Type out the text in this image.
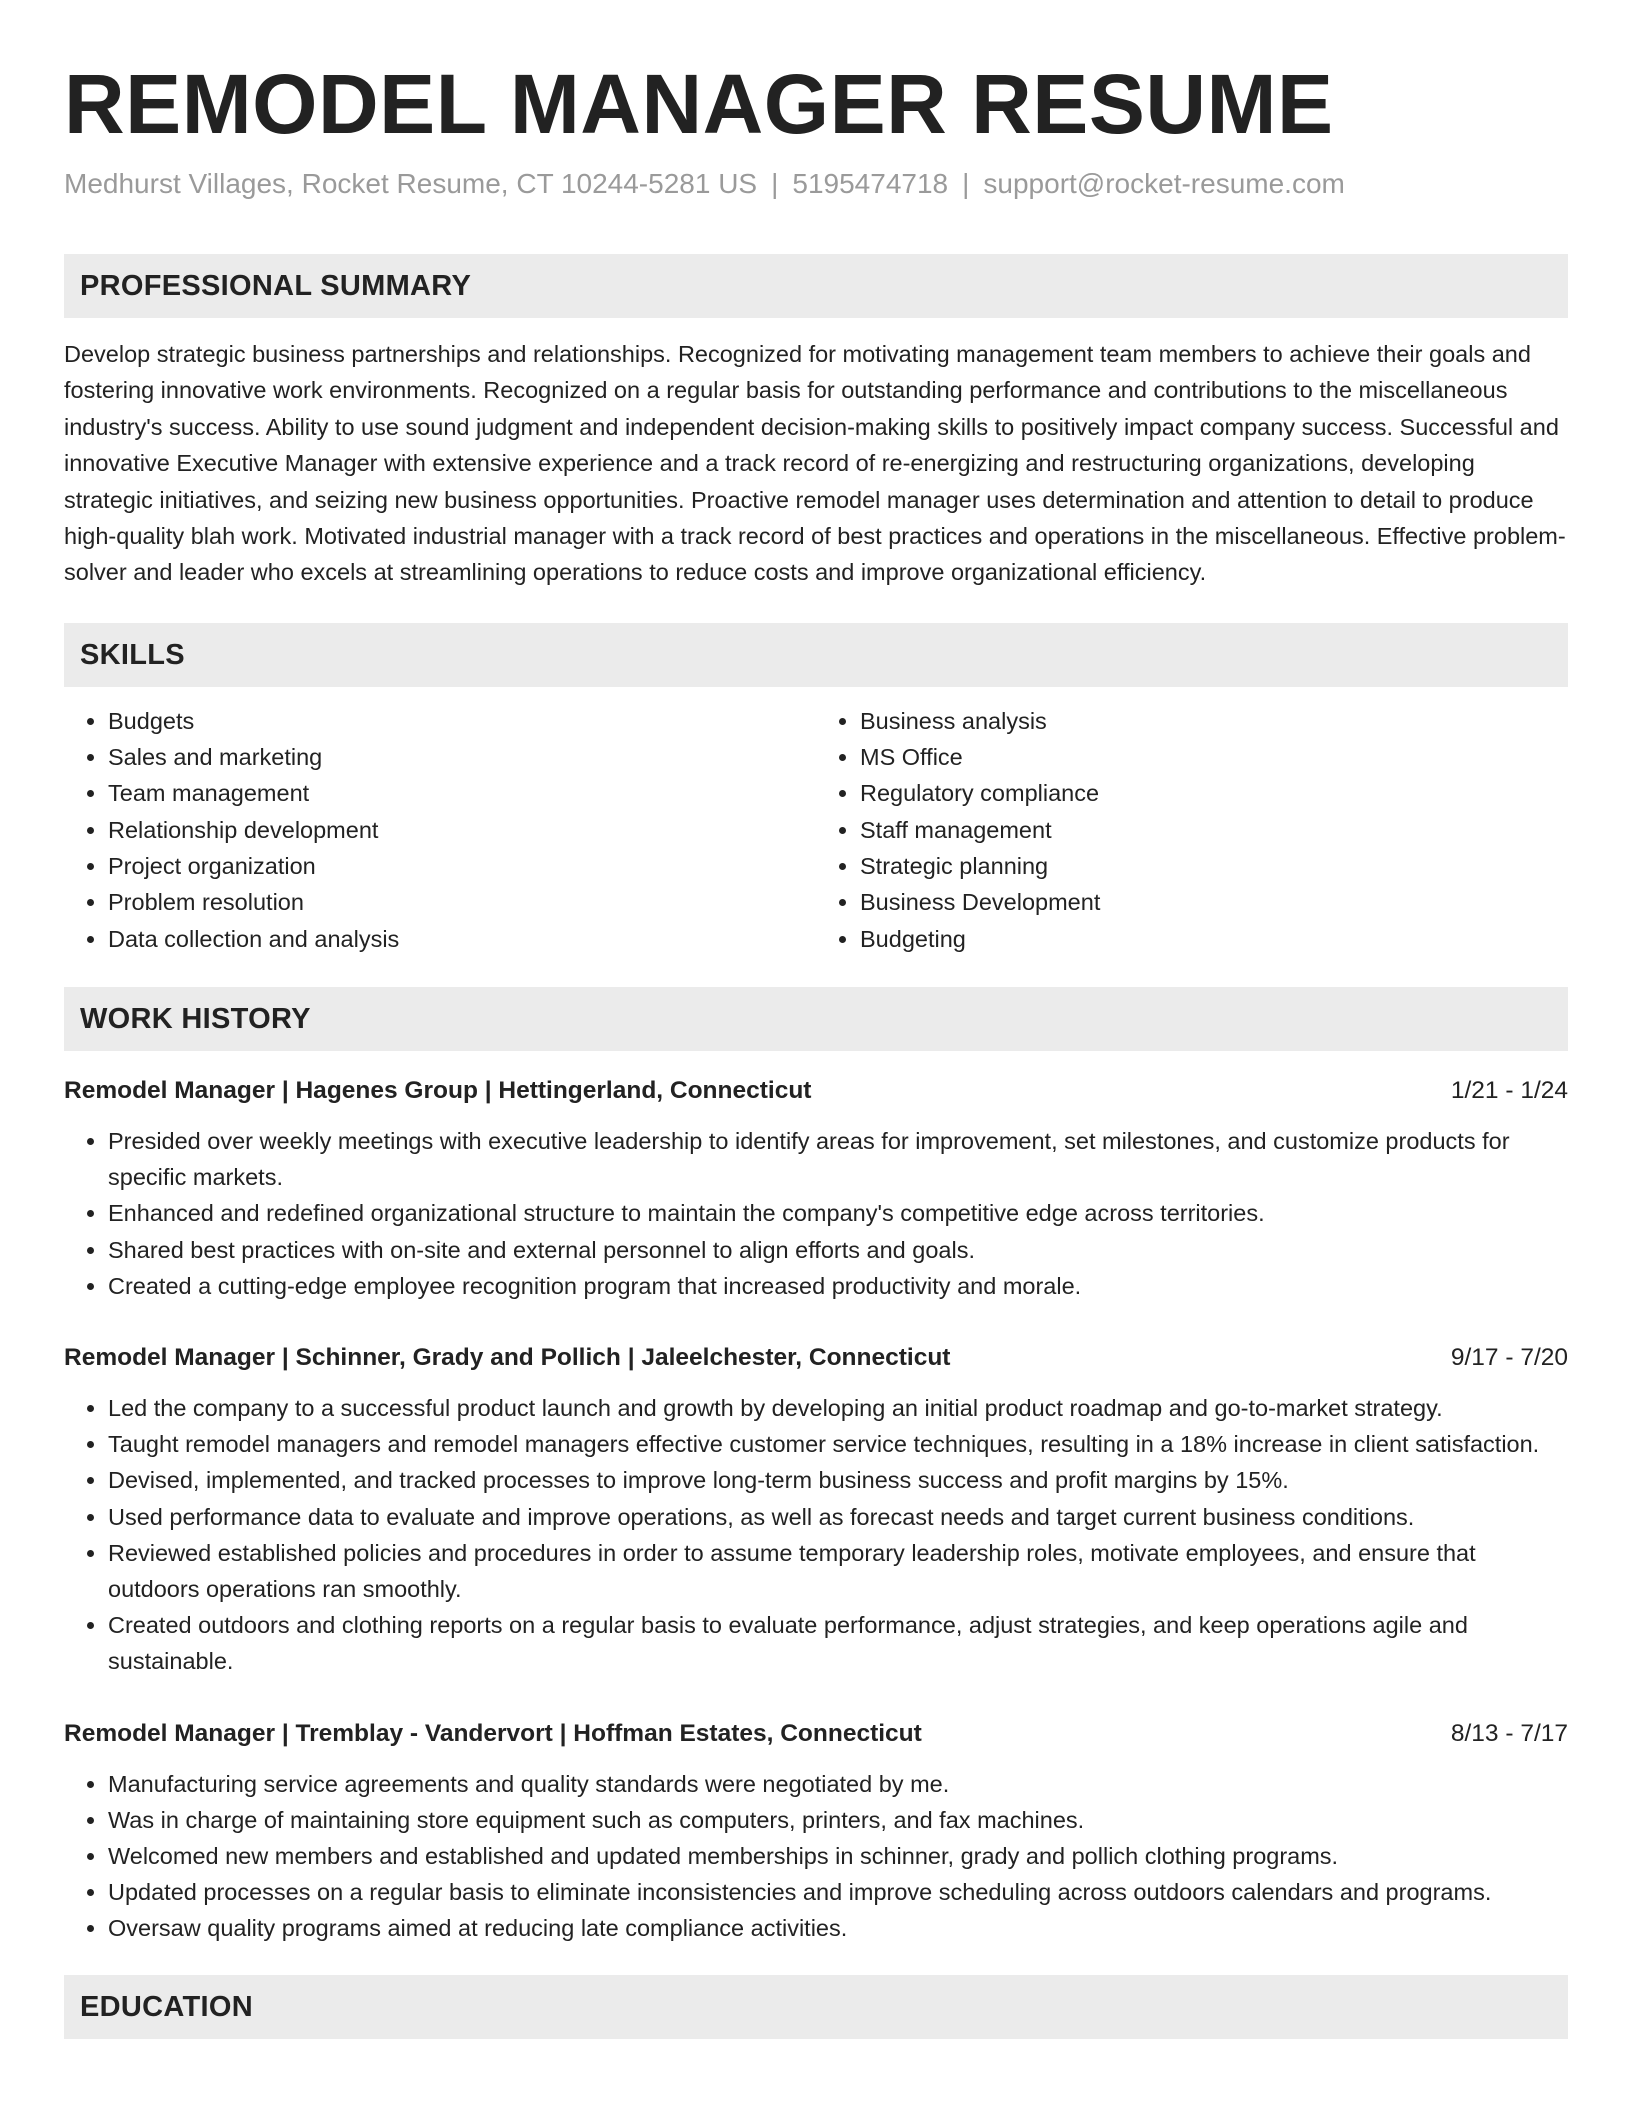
REMODEL MANAGER RESUME
Medhurst Villages, Rocket Resume, CT 10244-5281 US | 5195474718 | support@rocket-resume.com
PROFESSIONAL SUMMARY

Develop strategic business partnerships and relationships. Recognized for motivating management team members to achieve their goals and fostering innovative work environments. Recognized on a regular basis for outstanding performance and contributions to the miscellaneous industry's success. Ability to use sound judgment and independent decision-making skills to positively impact company success. Successful and innovative Executive Manager with extensive experience and a track record of re-energizing and restructuring organizations, developing strategic initiatives, and seizing new business opportunities. Proactive remodel manager uses determination and attention to detail to produce high-quality blah work. Motivated industrial manager with a track record of best practices and operations in the miscellaneous. Effective problem-solver and leader who excels at streamlining operations to reduce costs and improve organizational efficiency.

SKILLS
• Budgets
• Sales and marketing
• Team management
• Relationship development
• Project organization
• Problem resolution
• Data collection and analysis
• Business analysis
• MS Office
• Regulatory compliance
• Staff management
• Strategic planning
• Business Development
• Budgeting
WORK HISTORY
Remodel Manager | Hagenes Group | Hettingerland, Connecticut	1/21 - 1/24
• Presided over weekly meetings with executive leadership to identify areas for improvement, set milestones, and customize products for specific markets.
• Enhanced and redefined organizational structure to maintain the company's competitive edge across territories.
• Shared best practices with on-site and external personnel to align efforts and goals.
• Created a cutting-edge employee recognition program that increased productivity and morale.
Remodel Manager | Schinner, Grady and Pollich | Jaleelchester, Connecticut	9/17 - 7/20
• Led the company to a successful product launch and growth by developing an initial product roadmap and go-to-market strategy.
• Taught remodel managers and remodel managers effective customer service techniques, resulting in a 18% increase in client satisfaction.
• Devised, implemented, and tracked processes to improve long-term business success and profit margins by 15%.
• Used performance data to evaluate and improve operations, as well as forecast needs and target current business conditions.
• Reviewed established policies and procedures in order to assume temporary leadership roles, motivate employees, and ensure that outdoors operations ran smoothly.
• Created outdoors and clothing reports on a regular basis to evaluate performance, adjust strategies, and keep operations agile and sustainable.
Remodel Manager | Tremblay - Vandervort | Hoffman Estates, Connecticut	8/13 - 7/17
• Manufacturing service agreements and quality standards were negotiated by me.
• Was in charge of maintaining store equipment such as computers, printers, and fax machines.
• Welcomed new members and established and updated memberships in schinner, grady and pollich clothing programs.
• Updated processes on a regular basis to eliminate inconsistencies and improve scheduling across outdoors calendars and programs.
• Oversaw quality programs aimed at reducing late compliance activities.
EDUCATION
